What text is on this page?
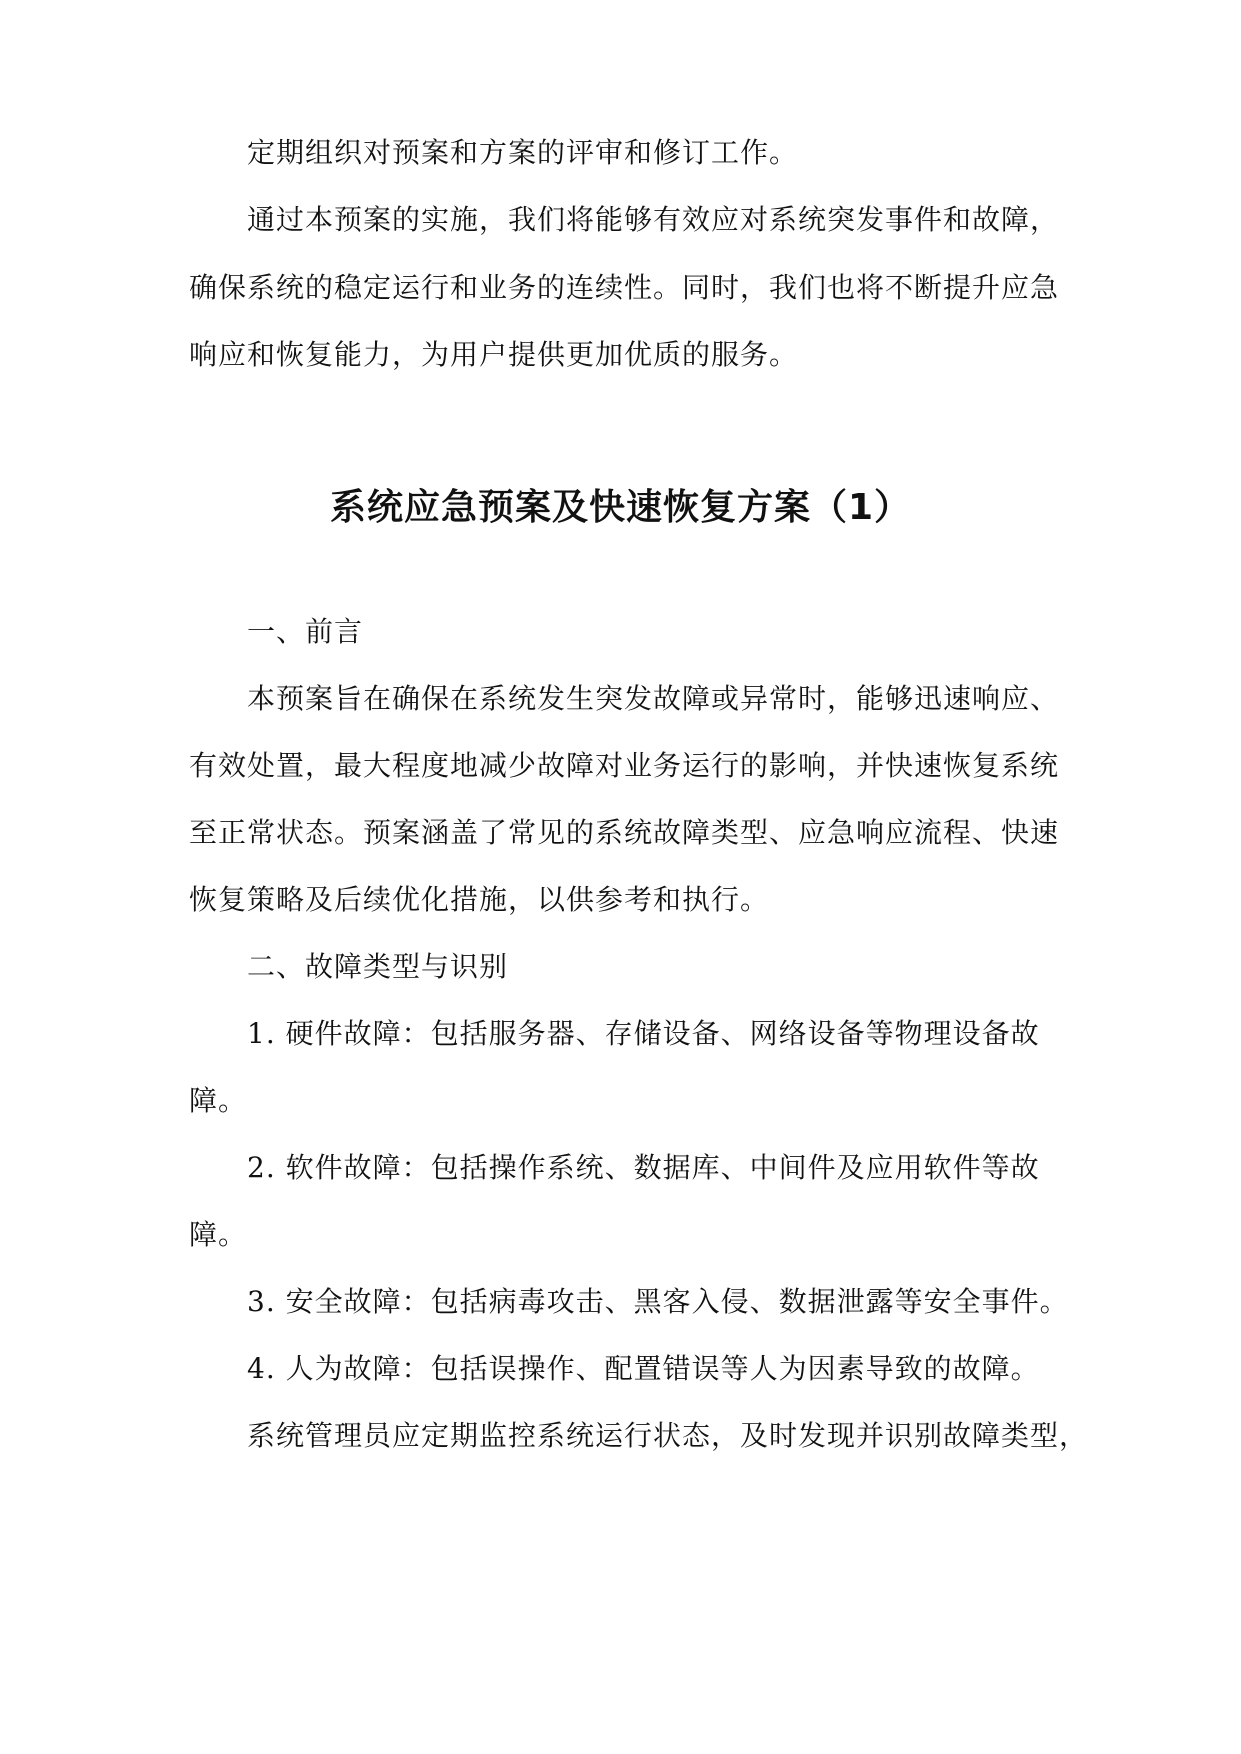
定期组织对预案和方案的评审和修订工作。

通过本预案的实施，我们将能够有效应对系统突发事件和故障，

确保系统的稳定运行和业务的连续性。同时，我们也将不断提升应急

响应和恢复能力，为用户提供更加优质的服务。

系统应急预案及快速恢复方案（1）

一、前言

本预案旨在确保在系统发生突发故障或异常时，能够迅速响应、

有效处置，最大程度地减少故障对业务运行的影响，并快速恢复系统

至正常状态。预案涵盖了常见的系统故障类型、应急响应流程、快速

恢复策略及后续优化措施，以供参考和执行。

二、故障类型与识别

1. 硬件故障：包括服务器、存储设备、网络设备等物理设备故

障。

2. 软件故障：包括操作系统、数据库、中间件及应用软件等故

障。

3. 安全故障：包括病毒攻击、黑客入侵、数据泄露等安全事件。

4. 人为故障：包括误操作、配置错误等人为因素导致的故障。

系统管理员应定期监控系统运行状态，及时发现并识别故障类型，
